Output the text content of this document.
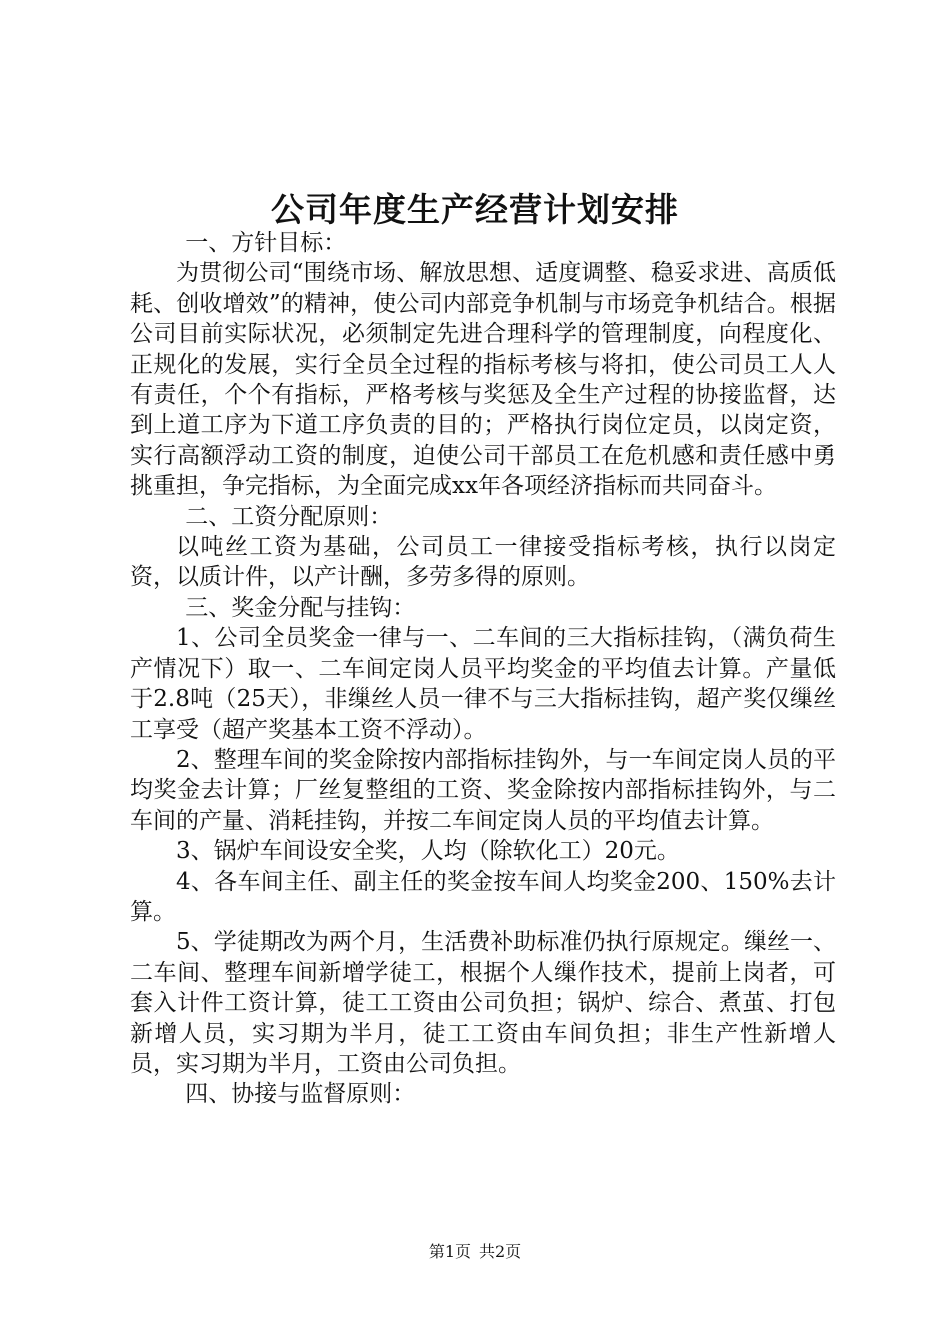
公司年度生产经营计划安排

一、方针目标：

为贯彻公司“围绕市场、解放思想、适度调整、稳妥求进、高质低耗、创收增效”的精神，使公司内部竞争机制与市场竞争机结合。根据公司目前实际状况，必须制定先进合理科学的管理制度，向程度化、正规化的发展，实行全员全过程的指标考核与将扣，使公司员工人人有责任，个个有指标，严格考核与奖惩及全生产过程的协接监督，达到上道工序为下道工序负责的目的；严格执行岗位定员，以岗定资，实行高额浮动工资的制度，迫使公司干部员工在危机感和责任感中勇挑重担，争完指标，为全面完成xx年各项经济指标而共同奋斗。

二、工资分配原则：

以吨丝工资为基础，公司员工一律接受指标考核，执行以岗定资，以质计件，以产计酬，多劳多得的原则。

三、奖金分配与挂钩：

1、公司全员奖金一律与一、二车间的三大指标挂钩，（满负荷生产情况下）取一、二车间定岗人员平均奖金的平均值去计算。产量低于2.8吨（25天），非缫丝人员一律不与三大指标挂钩，超产奖仅缫丝工享受（超产奖基本工资不浮动）。

2、整理车间的奖金除按内部指标挂钩外，与一车间定岗人员的平均奖金去计算；厂丝复整组的工资、奖金除按内部指标挂钩外，与二车间的产量、消耗挂钩，并按二车间定岗人员的平均值去计算。

3、锅炉车间设安全奖，人均（除软化工）20元。

4、各车间主任、副主任的奖金按车间人均奖金200、150%去计算。

5、学徒期改为两个月，生活费补助标准仍执行原规定。缫丝一、二车间、整理车间新增学徒工，根据个人缫作技术，提前上岗者，可套入计件工资计算，徒工工资由公司负担；锅炉、综合、煮茧、打包新增人员，实习期为半月，徒工工资由车间负担；非生产性新增人员，实习期为半月，工资由公司负担。

四、协接与监督原则：

第1页 共2页
